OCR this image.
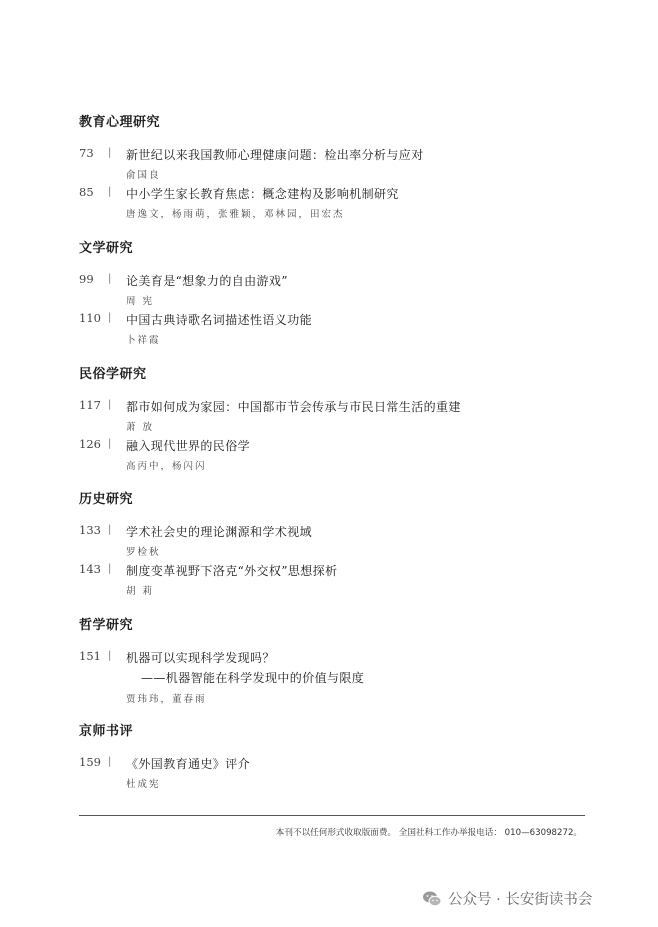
教育心理研究
73	| 新世纪以来我国教师心理健康问题：检出率分析与应对
俞国良
85	| 中小学生家长教育焦虑：概念建构及影响机制研究
唐逸文，杨雨萌，张雅颖，邓林园，田宏杰
文学研究
99	| 论美育是“想象力的自由游戏”
周 宪
110 | 中国古典诗歌名词描述性语义功能
卜祥霞
民俗学研究
117 | 都市如何成为家园：中国都市节会传承与市民日常生活的重建
萧 放
126 | 融入现代世界的民俗学
高丙中，杨闪闪
历史研究
133 | 学术社会史的理论渊源和学术视域
罗检秋
143 | 制度变革视野下洛克“外交权”思想探析
胡 莉
哲学研究
151 | 机器可以实现科学发现吗？
——机器智能在科学发现中的价值与限度
贾玮玮，董春雨
京师书评
159 | 《外国教育通史》评介
杜成宪
本刊不以任何形式收取版面费。 全国社科工作办举报电话： 010—63098272。
公众号 · 长安街读书会
